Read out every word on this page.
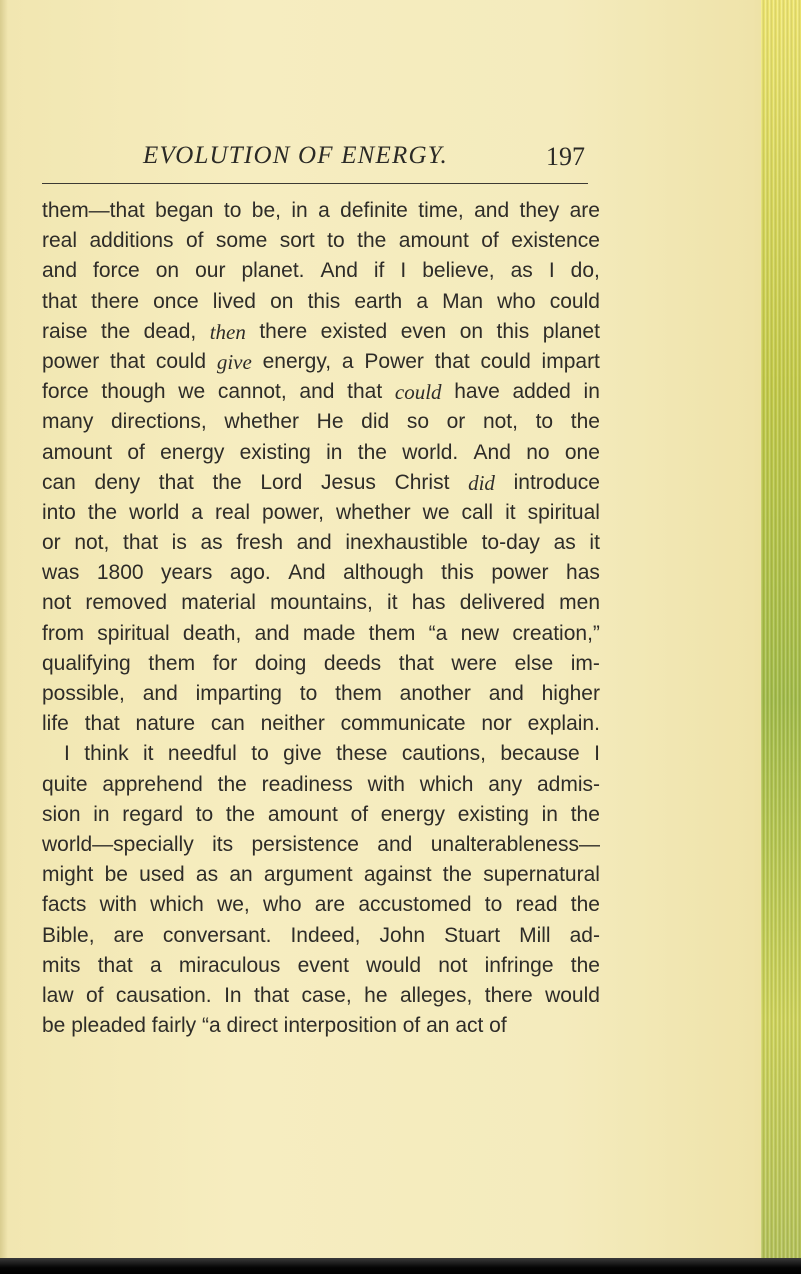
EVOLUTION OF ENERGY.	197
them—that began to be, in a definite time, and they are
real additions of some sort to the amount of existence
and force on our planet. And if I believe, as I do,
that there once lived on this earth a Man who could
raise the dead, then there existed even on this planet
power that could give energy, a Power that could impart
force though we cannot, and that could have added in
many directions, whether He did so or not, to the
amount of energy existing in the world. And no one
can deny that the Lord Jesus Christ did introduce
into the world a real power, whether we call it spiritual
or not, that is as fresh and inexhaustible to-day as it
was 1800 years ago. And although this power has
not removed material mountains, it has delivered men
from spiritual death, and made them “a new creation,”
qualifying them for doing deeds that were else im-
possible, and imparting to them another and higher
life that nature can neither communicate nor explain.
I think it needful to give these cautions, because I
quite apprehend the readiness with which any admis-
sion in regard to the amount of energy existing in the
world—specially its persistence and unalterableness—
might be used as an argument against the supernatural
facts with which we, who are accustomed to read the
Bible, are conversant. Indeed, John Stuart Mill ad-
mits that a miraculous event would not infringe the
law of causation. In that case, he alleges, there would
be pleaded fairly “a direct interposition of an act of
